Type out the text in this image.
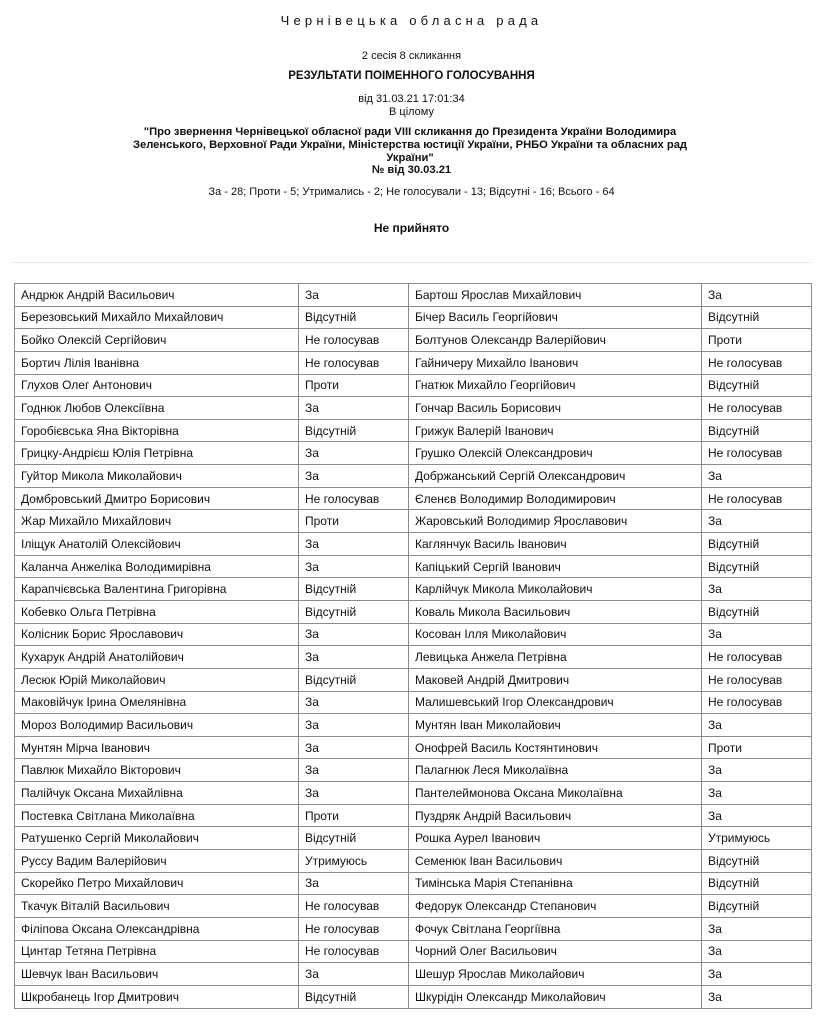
Чернівецька обласна рада
2 сесія 8 скликання
РЕЗУЛЬТАТИ ПОІМЕННОГО ГОЛОСУВАННЯ
від 31.03.21 17:01:34
В цілому
"Про звернення Чернівецької обласної ради VIII скликання до Президента України Володимира Зеленського, Верховної Ради України, Міністерства юстиції України, РНБО України та обласних рад України"
№ від 30.03.21
За - 28; Проти - 5; Утримались - 2; Не голосували - 13; Відсутні - 16; Всього - 64
Не прийнято
Андрюк Андрій Васильович	За	Бартош Ярослав Михайлович	За
Березовський Михайло Михайлович	Відсутній	Бічер Василь Георгійович	Відсутній
Бойко Олексій Сергійович	Не голосував	Болтунов Олександр Валерійович	Проти
Бортич Лілія Іванівна	Не голосував	Гайничеру Михайло Іванович	Не голосував
Глухов Олег Антонович	Проти	Гнатюк Михайло Георгійович	Відсутній
Годнюк Любов Олексіївна	За	Гончар Василь Борисович	Не голосував
Горобієвська Яна Вікторівна	Відсутній	Грижук Валерій Іванович	Відсутній
Грицку-Андрієш Юлія Петрівна	За	Грушко Олексій Олександрович	Не голосував
Гуйтор Микола Миколайович	За	Добржанський Сергій Олександрович	За
Домбровський Дмитро Борисович	Не голосував	Єленєв Володимир Володимирович	Не голосував
Жар Михайло Михайлович	Проти	Жаровський Володимир Ярославович	За
Іліщук Анатолій Олексійович	За	Каглянчук Василь Іванович	Відсутній
Каланча Анжеліка Володимирівна	За	Капіцький Сергій Іванович	Відсутній
Карапчієвська Валентина Григорівна	Відсутній	Карлійчук Микола Миколайович	За
Кобевко Ольга Петрівна	Відсутній	Коваль Микола Васильович	Відсутній
Колісник Борис Ярославович	За	Косован Ілля Миколайович	За
Кухарук Андрій Анатолійович	За	Левицька Анжела Петрівна	Не голосував
Лесюк Юрій Миколайович	Відсутній	Маковей Андрій Дмитрович	Не голосував
Маковійчук Ірина Омелянівна	За	Малишевський Ігор Олександрович	Не голосував
Мороз Володимир Васильович	За	Мунтян Іван Миколайович	За
Мунтян Мірча Іванович	За	Онофрей Василь Костянтинович	Проти
Павлюк Михайло Вікторович	За	Палагнюк Леся Миколаївна	За
Палійчук Оксана Михайлівна	За	Пантелеймонова Оксана Миколаївна	За
Постевка Світлана Миколаївна	Проти	Пуздряк Андрій Васильович	За
Ратушенко Сергій Миколайович	Відсутній	Рошка Аурел Іванович	Утримуюсь
Руссу Вадим Валерійович	Утримуюсь	Семенюк Іван Васильович	Відсутній
Скорейко Петро Михайлович	За	Тимінська Марія Степанівна	Відсутній
Ткачук Віталій Васильович	Не голосував	Федорук Олександр Степанович	Відсутній
Філіпова Оксана Олександрівна	Не голосував	Фочук Світлана Георгіївна	За
Цинтар Тетяна Петрівна	Не голосував	Чорний Олег Васильович	За
Шевчук Іван Васильович	За	Шешур Ярослав Миколайович	За
Шкробанець Ігор Дмитрович	Відсутній	Шкурідін Олександр Миколайович	За
